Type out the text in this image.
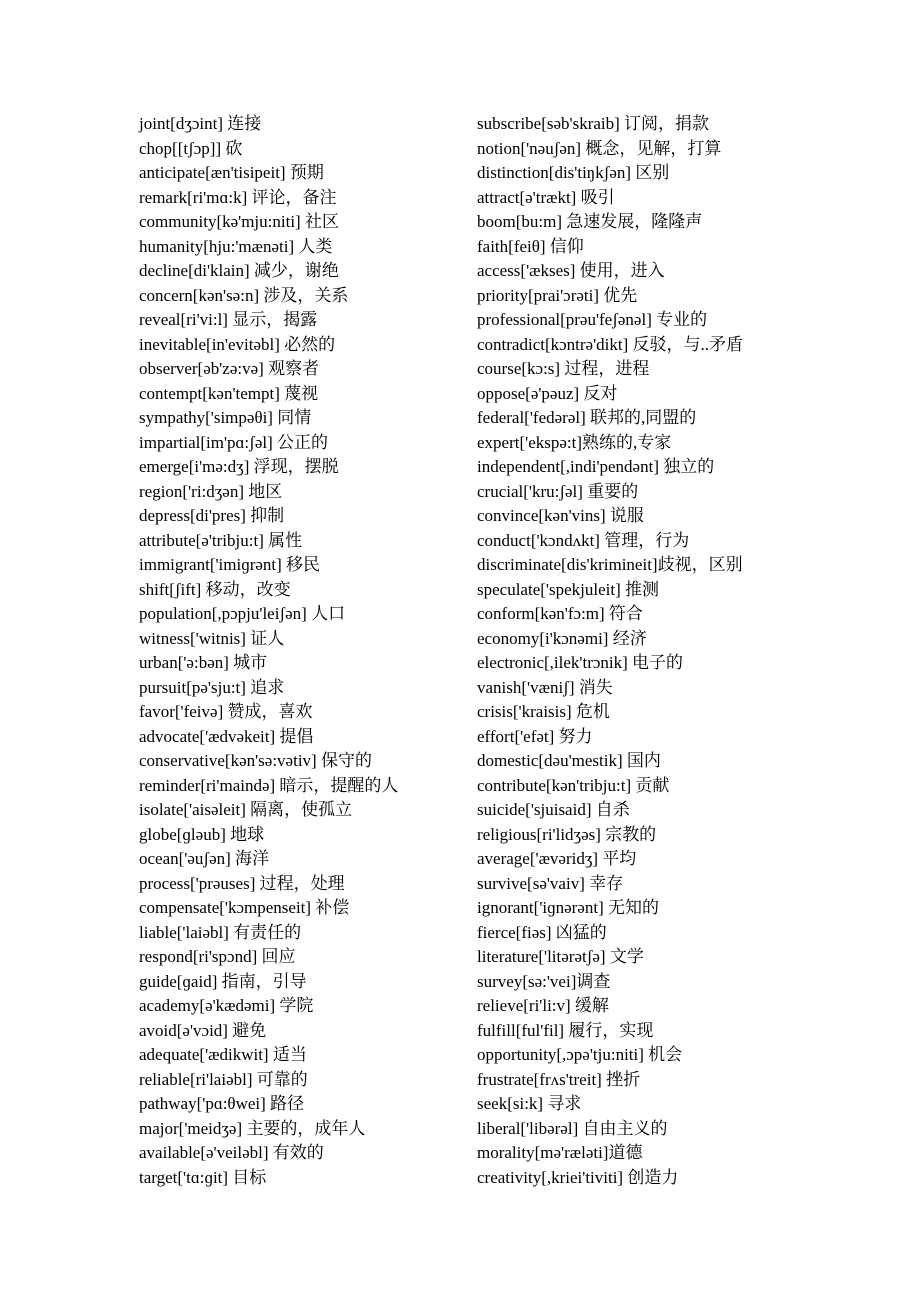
joint[dʒɔint] 连接
chop[[tʃɔp]] 砍
anticipate[æn'tisipeit] 预期
remark[ri'mɑ:k] 评论，备注
community[kə'mju:niti] 社区
humanity[hju:'mænəti] 人类
decline[di'klain] 减少，谢绝
concern[kən'sə:n] 涉及，关系
reveal[ri'vi:l] 显示，揭露
inevitable[in'evitəbl] 必然的
observer[əb'zə:və] 观察者
contempt[kən'tempt] 蔑视
sympathy['simpəθi] 同情
impartial[im'pɑ:ʃəl] 公正的
emerge[i'mə:dʒ] 浮现，摆脱
region['ri:dʒən] 地区
depress[di'pres] 抑制
attribute[ə'tribju:t] 属性
immigrant['imiɡrənt] 移民
shift[ʃift] 移动，改变
population[,pɔpju'leiʃən] 人口
witness['witnis] 证人
urban['ə:bən] 城市
pursuit[pə'sju:t] 追求
favor['feivə] 赞成，喜欢
advocate['ædvəkeit] 提倡
conservative[kən'sə:vətiv] 保守的
reminder[ri'maində] 暗示，提醒的人
isolate['aisəleit] 隔离，使孤立
globe[ɡləub] 地球
ocean['əuʃən] 海洋
process['prəuses] 过程，处理
compensate['kɔmpenseit] 补偿
liable['laiəbl] 有责任的
respond[ri'spɔnd] 回应
guide[ɡaid] 指南，引导
academy[ə'kædəmi] 学院
avoid[ə'vɔid] 避免
adequate['ædikwit] 适当
reliable[ri'laiəbl] 可靠的
pathway['pɑ:θwei] 路径
major['meidʒə] 主要的，成年人
available[ə'veiləbl] 有效的
target['tɑ:ɡit] 目标
subscribe[səb'skraib] 订阅，捐款
notion['nəuʃən] 概念，见解，打算
distinction[dis'tiŋkʃən] 区别
attract[ə'trækt] 吸引
boom[bu:m] 急速发展，隆隆声
faith[feiθ] 信仰
access['ækses] 使用，进入
priority[prai'ɔrəti] 优先
professional[prəu'feʃənəl] 专业的
contradict[kɔntrə'dikt] 反驳，与..矛盾
course[kɔ:s] 过程，进程
oppose[ə'pəuz] 反对
federal['fedərəl] 联邦的,同盟的
expert['ekspə:t]熟练的,专家
independent[,indi'pendənt] 独立的
crucial['kru:ʃəl] 重要的
convince[kən'vins] 说服
conduct['kɔndʌkt] 管理，行为
discriminate[dis'krimineit]歧视，区别
speculate['spekjuleit] 推测
conform[kən'fɔ:m] 符合
economy[i'kɔnəmi] 经济
electronic[,ilek'trɔnik] 电子的
vanish['væniʃ] 消失
crisis['kraisis] 危机
effort['efət] 努力
domestic[dəu'mestik] 国内
contribute[kən'tribju:t] 贡献
suicide['sjuisaid] 自杀
religious[ri'lidʒəs] 宗教的
average['ævəridʒ] 平均
survive[sə'vaiv] 幸存
ignorant['iɡnərənt] 无知的
fierce[fiəs] 凶猛的
literature['litərətʃə] 文学
survey[sə:'vei]调查
relieve[ri'li:v] 缓解
fulfill[ful'fil] 履行，实现
opportunity[,ɔpə'tju:niti] 机会
frustrate[frʌs'treit] 挫折
seek[si:k] 寻求
liberal['libərəl] 自由主义的
morality[mə'ræləti]道德
creativity[,kriei'tiviti] 创造力
